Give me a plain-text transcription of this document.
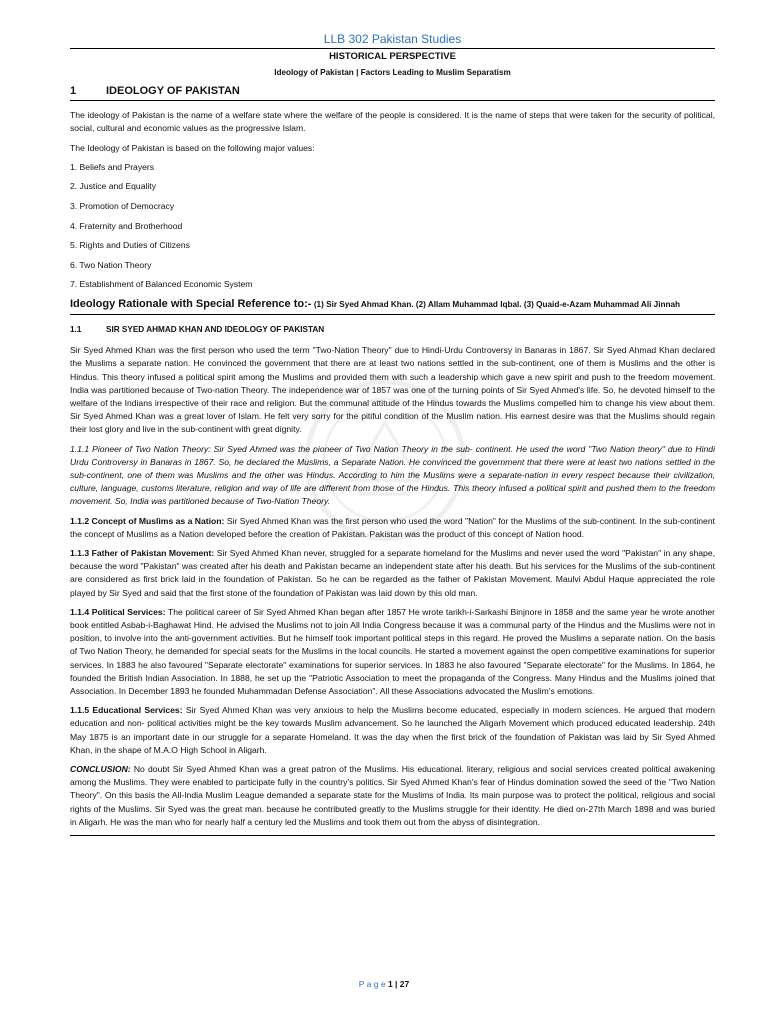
LLB 302 Pakistan Studies
HISTORICAL PERSPECTIVE
Ideology of Pakistan | Factors Leading to Muslim Separatism
1	IDEOLOGY OF PAKISTAN

The ideology of Pakistan is the name of a welfare state where the welfare of the people is considered. It is the name of steps that were taken for the security of political, social, cultural and economic values as the progressive Islam.

The Ideology of Pakistan is based on the following major values:

1. Beliefs and Prayers
2. Justice and Equality
3. Promotion of Democracy
4. Fraternity and Brotherhood
5. Rights and Duties of Citizens
6. Two Nation Theory
7. Establishment of Balanced Economic System
Ideology Rationale with Special Reference to:- (1) Sir Syed Ahmad Khan. (2) Allam Muhammad Iqbal. (3) Quaid-e-Azam Muhammad Ali Jinnah
1.1	SIR SYED AHMAD KHAN AND IDEOLOGY OF PAKISTAN

Sir Syed Ahmed Khan was the first person who used the term "Two-Nation Theory" due to Hindi-Urdu Controversy in Banaras in 1867. Sir Syed Ahmad Khan declared the Muslims a separate nation. He convinced the government that there are at least two nations settled in the sub-continent, one of them is Muslims and the other is Hindus. This theory infused a political spirit among the Muslims and provided them with such a leadership which gave a new spirit and push to the freedom movement. India was partitioned because of Two-nation Theory. The independence war of 1857 was one of the turning points of Sir Syed Ahmed's life. So, he devoted himself to the welfare of the Indians irrespective of their race and religion. But the communal attitude of the Hindus towards the Muslims compelled him to change his view about them. Sir Syed Ahmed Khan was a great lover of Islam. He felt very sorry for the pitiful condition of the Muslim nation. His earnest desire was that the Muslims should regain their lost glory and live in the sub-continent with great dignity.

1.1.1 Pioneer of Two Nation Theory: Sir Syed Ahmed was the pioneer of Two Nation Theory in the sub- continent. He used the word "Two Nation theory" due to Hindi Urdu Controversy in Banaras in 1867. So, he declared the Muslims, a Separate Nation. He convinced the government that there were at least two nations settled in the sub-continent, one of them was Muslims and the other was Hindus. According to him the Muslims were a separate-nation in every respect because their civilization, culture, language, customs literature, religion and way of life are different from those of the Hindus. This theory infused a political spirit and pushed them to the freedom movement. So, India was partitioned because of Two-Nation Theory.

1.1.2 Concept of Muslims as a Nation: Sir Syed Ahmed Khan was the first person who used the word "Nation" for the Muslims of the sub-continent. In the sub-continent the concept of Muslims as a Nation developed before the creation of Pakistan. Pakistan was the product of this concept of Nation hood.

1.1.3 Father of Pakistan Movement: Sir Syed Ahmed Khan never, struggled for a separate homeland for the Muslims and never used the word "Pakistan" in any shape, because the word "Pakistan" was created after his death and Pakistan became an independent state after his death. But his services for the Muslims of the sub-continent are considered as first brick laid in the foundation of Pakistan. So he can be regarded as the father of Pakistan Movement. Maulvi Abdul Haque appreciated the role played by Sir Syed and said that the first stone of the foundation of Pakistan was laid down by this old man.

1.1.4 Political Services: The political career of Sir Syed Ahmed Khan began after 1857 He wrote tarikh-i-Sarkashi Binjnore in 1858 and the same year he wrote another book entitled Asbab-i-Baghawat Hind. He advised the Muslims not to join All India Congress because it was a communal party of the Hindus and the Muslims were not in position, to involve into the anti-government activities. But he himself took important political steps in this regard. He proved the Muslims a separate nation. On the basis of Two Nation Theory, he demanded for special seats for the Muslims in the local councils. He started a movement against the open competitive examinations for superior services. In 1883 he also favoured "Separate electorate" examinations for superior services. In 1883 he also favoured "Separate electorate" for the Muslims. In 1864, he founded the British Indian Association. In 1888, he set up the "Patriotic Association to meet the propaganda of the Congress. Many Hindus and the Muslims joined that Association. In December 1893 he founded Muhammadan Defense Association". All these Associations advocated the Muslim's emotions.

1.1.5 Educational Services: Sir Syed Ahmed Khan was very anxious to help the Muslims become educated, especially in modern sciences. He argued that modern education and non- political activities might be the key towards Muslim advancement. So he launched the Aligarh Movement which produced educated leadership. 24th May 1875 is an important date in our struggle for a separate Homeland. It was the day when the first brick of the foundation of Pakistan was laid by Sir Syed Ahmed Khan, in the shape of M.A.O High School in Aligarh.

CONCLUSION: No doubt Sir Syed Ahmed Khan was a great patron of the Muslims. His educational. literary, religious and social services created political awakening among the Muslims. They were enabled to participate fully in the country's politics. Sir Syed Ahmed Khan's fear of Hindus domination sowed the seed of the "Two Nation Theory". On this basis the All-India Muslim League demanded a separate state for the Muslims of India. Its main purpose was to protect the political, religious and social rights of the Muslims. Sir Syed was the great man. because he contributed greatly to the Muslims struggle for their identity. He died on-27th March 1898 and was buried in Aligarh. He was the man who for nearly half a century led the Muslims and took them out from the abyss of disintegration.

P a g e 1 | 27
